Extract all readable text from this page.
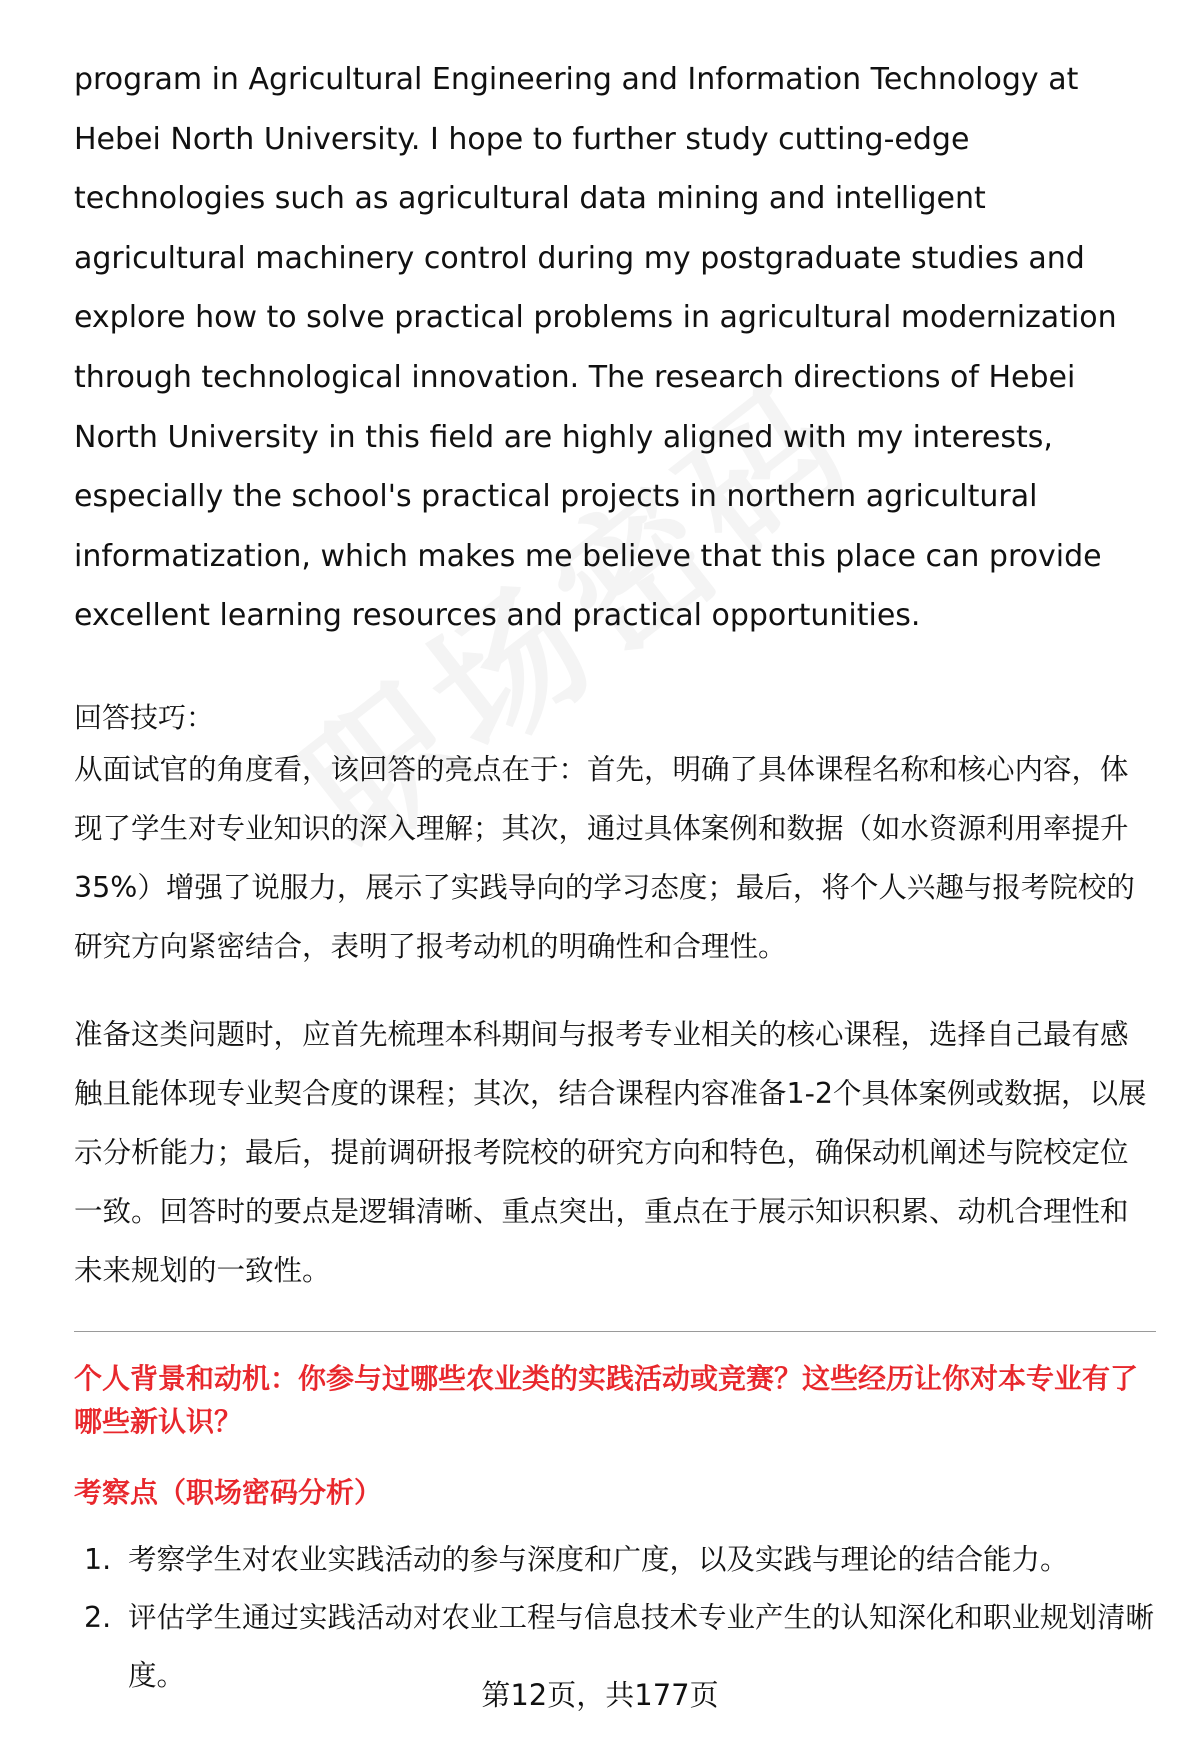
program in Agricultural Engineering and Information Technology at Hebei North University. I hope to further study cutting-edge technologies such as agricultural data mining and intelligent agricultural machinery control during my postgraduate studies and explore how to solve practical problems in agricultural modernization through technological innovation. The research directions of Hebei North University in this field are highly aligned with my interests, especially the school's practical projects in northern agricultural informatization, which makes me believe that this place can provide excellent learning resources and practical opportunities.

回答技巧：

从面试官的角度看，该回答的亮点在于：首先，明确了具体课程名称和核心内容，体现了学生对专业知识的深入理解；其次，通过具体案例和数据（如水资源利用率提升35%）增强了说服力，展示了实践导向的学习态度；最后，将个人兴趣与报考院校的研究方向紧密结合，表明了报考动机的明确性和合理性。

准备这类问题时，应首先梳理本科期间与报考专业相关的核心课程，选择自己最有感触且能体现专业契合度的课程；其次，结合课程内容准备1-2个具体案例或数据，以展示分析能力；最后，提前调研报考院校的研究方向和特色，确保动机阐述与院校定位一致。回答时的要点是逻辑清晰、重点突出，重点在于展示知识积累、动机合理性和未来规划的一致性。

个人背景和动机：你参与过哪些农业类的实践活动或竞赛？这些经历让你对本专业有了哪些新认识？

考察点（职场密码分析）

1. 考察学生对农业实践活动的参与深度和广度，以及实践与理论的结合能力。
2. 评估学生通过实践活动对农业工程与信息技术专业产生的认知深化和职业规划清晰度。
第12页，共177页
